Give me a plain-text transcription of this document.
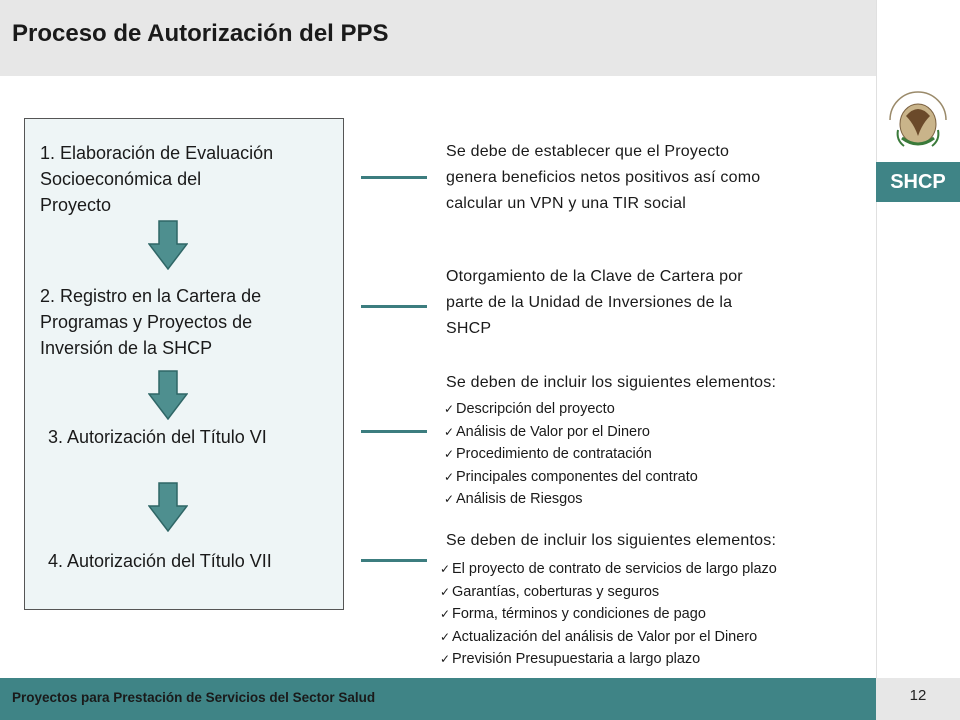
Proceso de Autorización del PPS
SHCP
1. Elaboración de Evaluación
Socioeconómica del
Proyecto
2. Registro en la Cartera de
Programas y Proyectos de
Inversión de la SHCP
3. Autorización del Título VI
4. Autorización del Título VII
Se debe de establecer que el Proyecto
genera beneficios netos positivos así como
calcular un VPN y una TIR social
Otorgamiento de la Clave de Cartera por
parte de la Unidad de Inversiones de la
SHCP
Se deben de incluir los siguientes elementos:
✓ Descripción del proyecto
✓ Análisis de Valor por el Dinero
✓ Procedimiento de contratación
✓ Principales componentes del contrato
✓ Análisis de Riesgos
Se deben de incluir los siguientes elementos:
✓ El proyecto de contrato de servicios de largo plazo
✓ Garantías, coberturas y seguros
✓ Forma, términos y condiciones de pago
✓ Actualización del análisis de Valor por el Dinero
✓ Previsión Presupuestaria a largo plazo
Proyectos para Prestación de Servicios del Sector Salud	12
